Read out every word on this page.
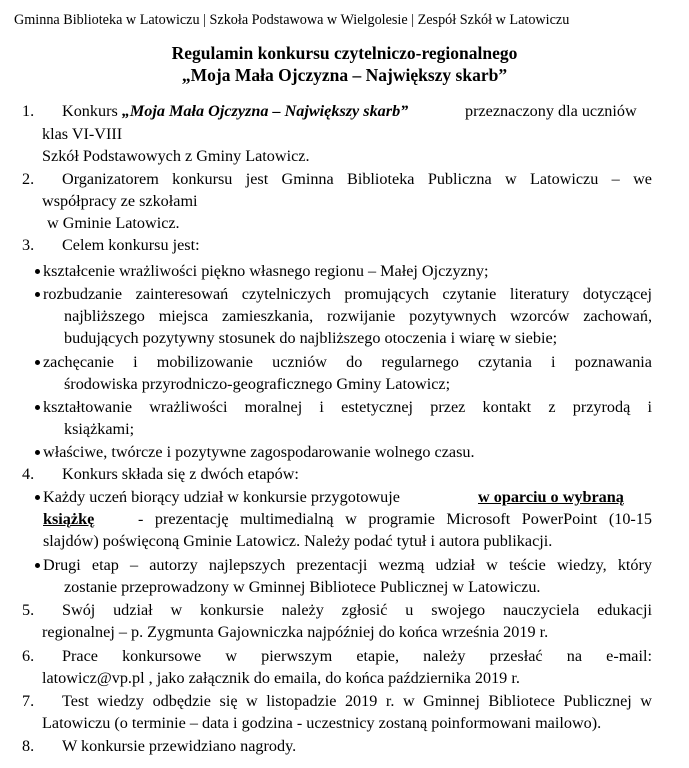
Gminna Biblioteka w Latowiczu | Szkoła Podstawowa w Wielgolesie | Zespół Szkół w Latowiczu
Regulamin konkursu czytelniczo-regionalnego
„Moja Mała Ojczyzna – Największy skarb”
1. Konkurs „Moja Mała Ojczyzna – Największy skarb”	przeznaczony dla uczniów
klas VI-VIII
Szkół Podstawowych z Gminy Latowicz.
2. Organizatorem konkursu jest Gminna Biblioteka Publiczna w Latowiczu – we
współpracy ze szkołami
w Gminie Latowicz.
3. Celem konkursu jest:
kształcenie wrażliwości piękno własnego regionu – Małej Ojczyzny;
rozbudzanie zainteresowań czytelniczych promujących czytanie literatury dotyczącej
najbliższego miejsca zamieszkania, rozwijanie pozytywnych wzorców zachowań,
budujących pozytywny stosunek do najbliższego otoczenia i wiarę w siebie;
zachęcanie i mobilizowanie uczniów do regularnego czytania i poznawania
środowiska przyrodniczo-geograficznego Gminy Latowicz;
kształtowanie wrażliwości moralnej i estetycznej przez kontakt z przyrodą i
książkami;
właściwe, twórcze i pozytywne zagospodarowanie wolnego czasu.
4. Konkurs składa się z dwóch etapów:
Każdy uczeń biorący udział w konkursie przygotowuje	w oparciu o wybraną
książkę	- prezentację multimedialną w programie Microsoft PowerPoint (10-15
slajdów) poświęconą Gminie Latowicz. Należy podać tytuł i autora publikacji.
Drugi etap – autorzy najlepszych prezentacji wezmą udział w teście wiedzy, który
zostanie przeprowadzony w Gminnej Bibliotece Publicznej w Latowiczu.
5. Swój udział w konkursie należy zgłosić u swojego nauczyciela edukacji
regionalnej – p. Zygmunta Gajowniczka najpóźniej do końca września 2019 r.
6. Prace konkursowe w pierwszym etapie, należy przesłać na e-mail:
latowicz@vp.pl , jako załącznik do emaila, do końca października 2019 r.
7. Test wiedzy odbędzie się w listopadzie 2019 r. w Gminnej Bibliotece Publicznej w
Latowiczu (o terminie – data i godzina - uczestnicy zostaną poinformowani mailowo).
8. W konkursie przewidziano nagrody.
